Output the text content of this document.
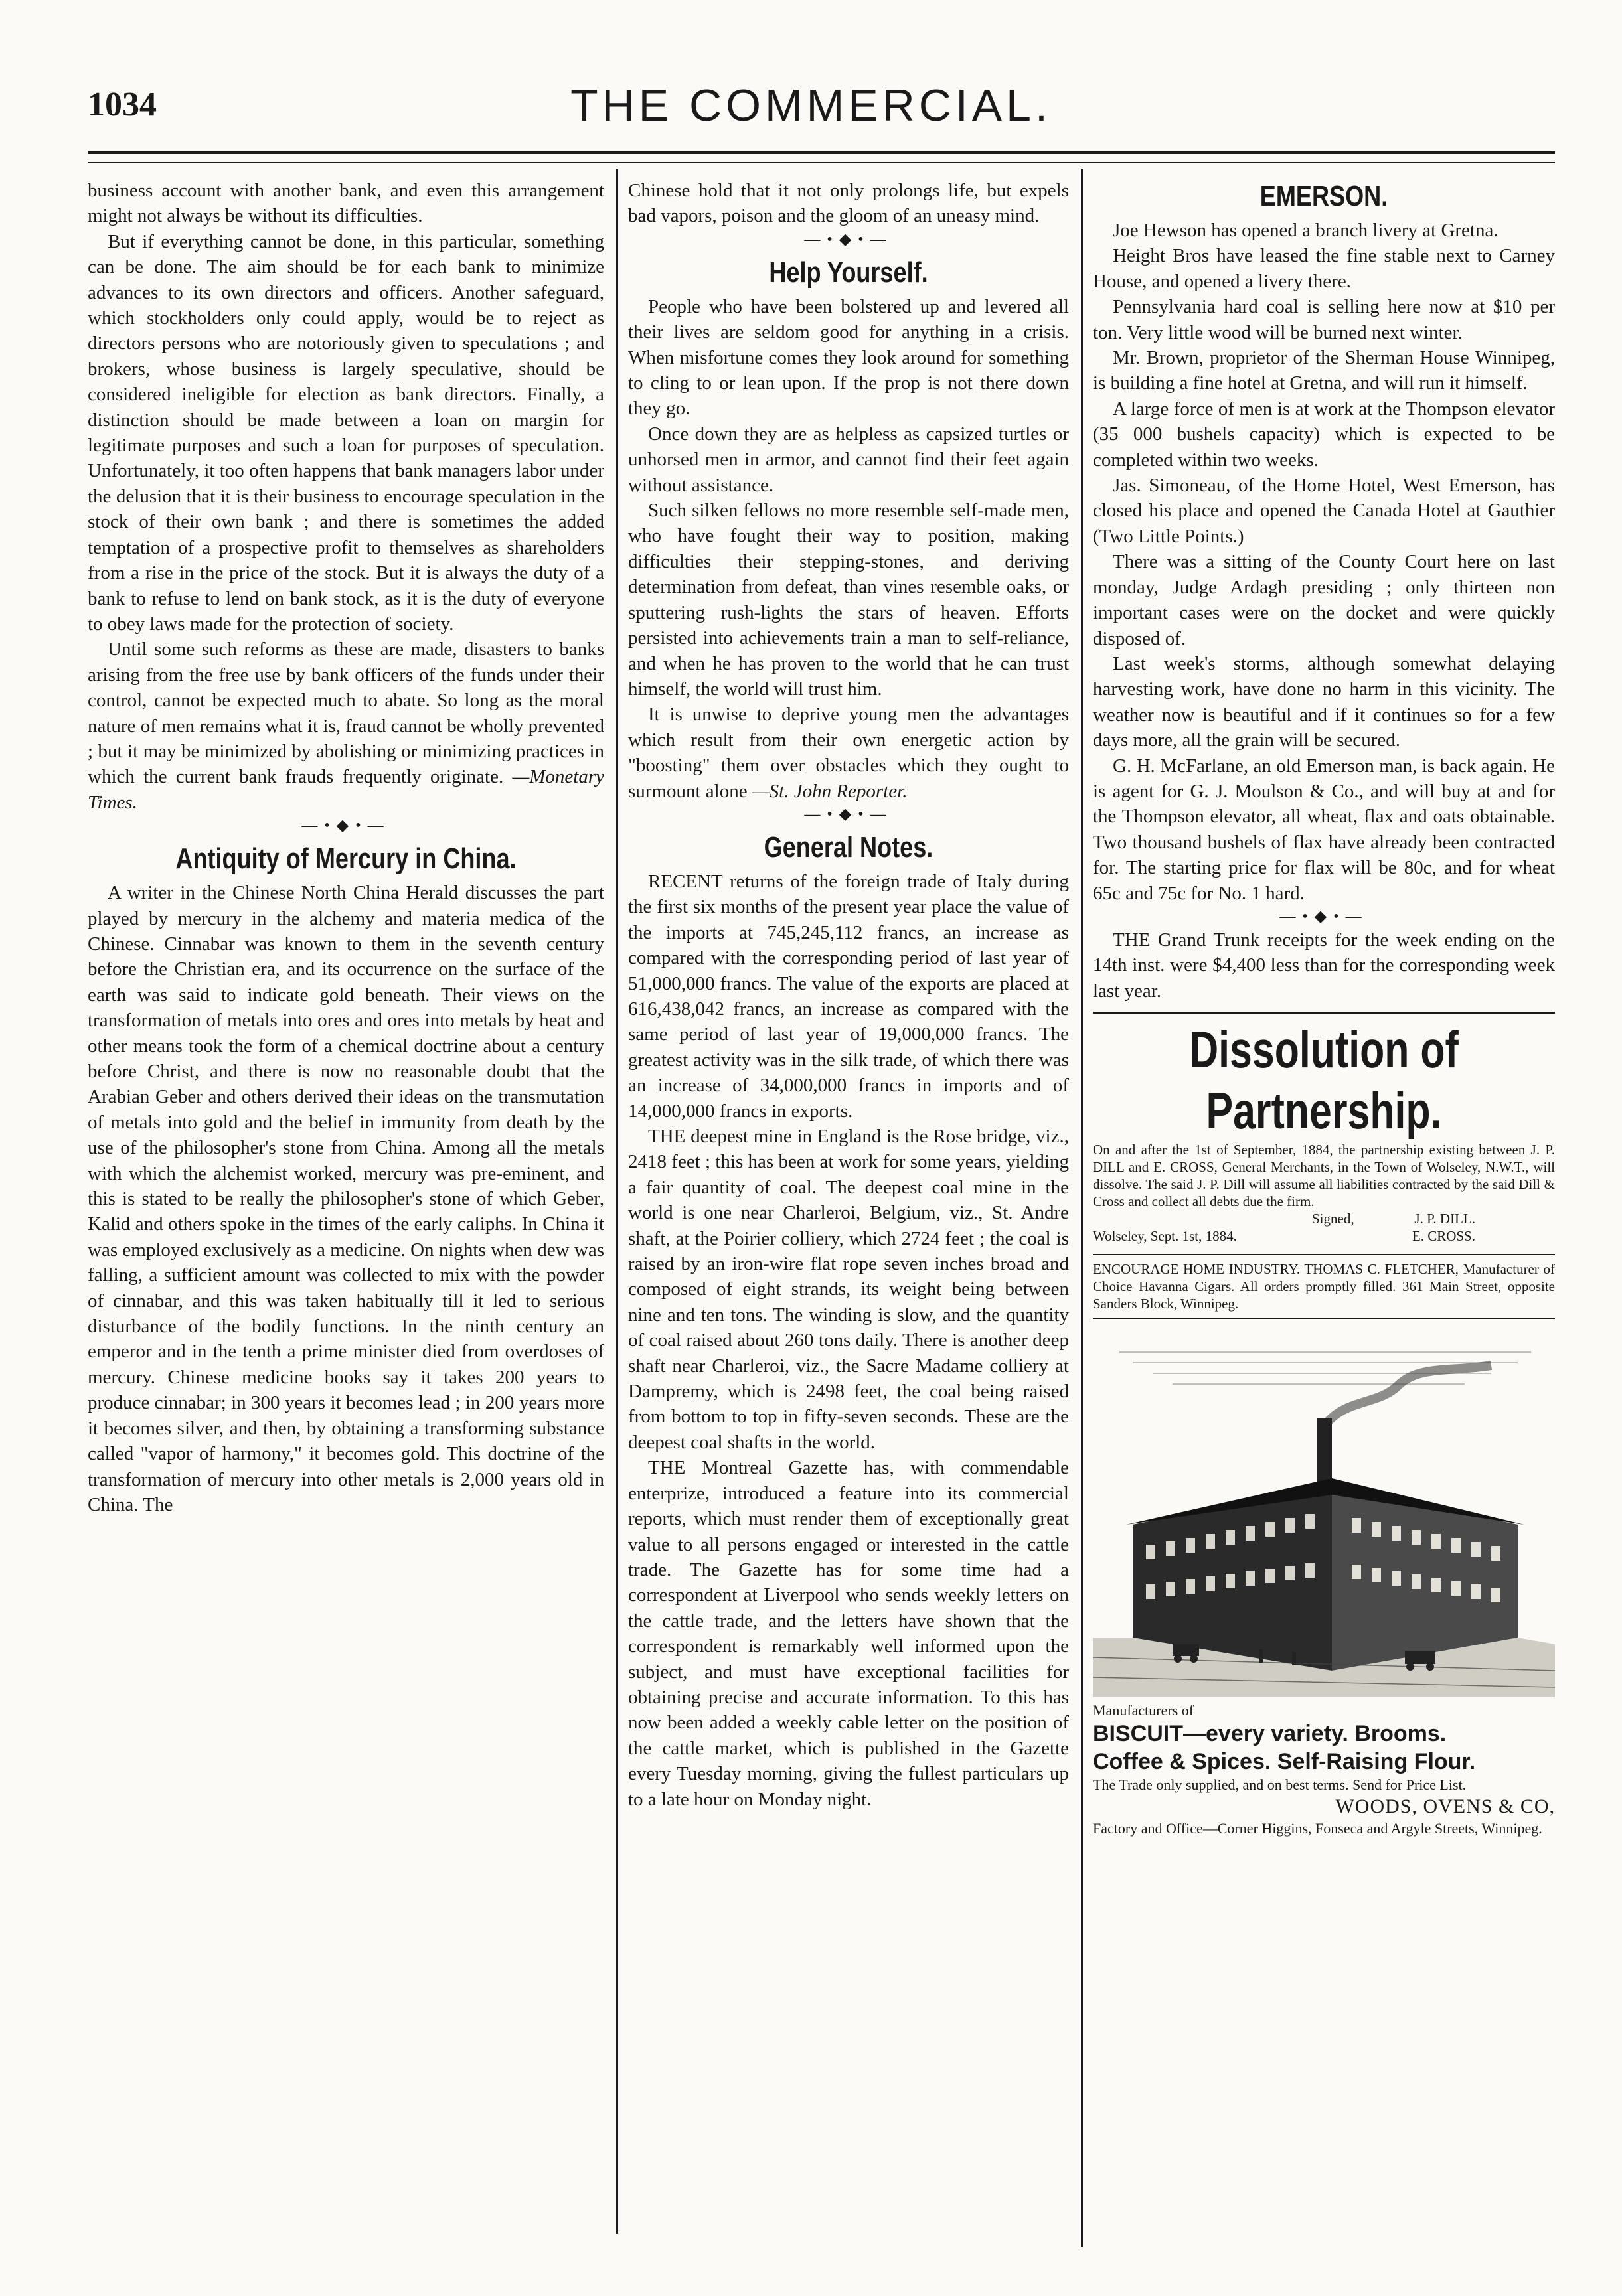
1034	THE COMMERCIAL.

business account with another bank, and even this arrangement might not always be without its difficulties.

But if everything cannot be done, in this particular, something can be done. The aim should be for each bank to minimize advances to its own directors and officers. Another safeguard, which stockholders only could apply, would be to reject as directors persons who are notoriously given to speculations ; and brokers, whose business is largely speculative, should be considered ineligible for election as bank directors. Finally, a distinction should be made between a loan on margin for legitimate purposes and such a loan for purposes of speculation. Unfortunately, it too often happens that bank managers labor under the delusion that it is their business to encourage speculation in the stock of their own bank ; and there is sometimes the added temptation of a prospective profit to themselves as shareholders from a rise in the price of the stock. But it is always the duty of a bank to refuse to lend on bank stock, as it is the duty of everyone to obey laws made for the protection of society.

Until some such reforms as these are made, disasters to banks arising from the free use by bank officers of the funds under their control, cannot be expected much to abate. So long as the moral nature of men remains what it is, fraud cannot be wholly prevented ; but it may be minimized by abolishing or minimizing practices in which the current bank frauds frequently originate. —Monetary Times.

—•◆•—
Antiquity of Mercury in China.

A writer in the Chinese North China Herald discusses the part played by mercury in the alchemy and materia medica of the Chinese. Cinnabar was known to them in the seventh century before the Christian era, and its occurrence on the surface of the earth was said to indicate gold beneath. Their views on the transformation of metals into ores and ores into metals by heat and other means took the form of a chemical doctrine about a century before Christ, and there is now no reasonable doubt that the Arabian Geber and others derived their ideas on the transmutation of metals into gold and the belief in immunity from death by the use of the philosopher's stone from China. Among all the metals with which the alchemist worked, mercury was pre-eminent, and this is stated to be really the philosopher's stone of which Geber, Kalid and others spoke in the times of the early caliphs. In China it was employed exclusively as a medicine. On nights when dew was falling, a sufficient amount was collected to mix with the powder of cinnabar, and this was taken habitually till it led to serious disturbance of the bodily functions. In the ninth century an emperor and in the tenth a prime minister died from overdoses of mercury. Chinese medicine books say it takes 200 years to produce cinnabar; in 300 years it becomes lead ; in 200 years more it becomes silver, and then, by obtaining a transforming substance called "vapor of harmony," it becomes gold. This doctrine of the transformation of mercury into other metals is 2,000 years old in China. The

Chinese hold that it not only prolongs life, but expels bad vapors, poison and the gloom of an uneasy mind.

—•◆•—
Help Yourself.

People who have been bolstered up and levered all their lives are seldom good for anything in a crisis. When misfortune comes they look around for something to cling to or lean upon. If the prop is not there down they go.

Once down they are as helpless as capsized turtles or unhorsed men in armor, and cannot find their feet again without assistance.

Such silken fellows no more resemble self-made men, who have fought their way to position, making difficulties their stepping-stones, and deriving determination from defeat, than vines resemble oaks, or sputtering rush-lights the stars of heaven. Efforts persisted into achievements train a man to self-reliance, and when he has proven to the world that he can trust himself, the world will trust him.

It is unwise to deprive young men the advantages which result from their own energetic action by "boosting" them over obstacles which they ought to surmount alone —St. John Reporter.

—•◆•—
General Notes.

RECENT returns of the foreign trade of Italy during the first six months of the present year place the value of the imports at 745,245,112 francs, an increase as compared with the corresponding period of last year of 51,000,000 francs. The value of the exports are placed at 616,438,042 francs, an increase as compared with the same period of last year of 19,000,000 francs. The greatest activity was in the silk trade, of which there was an increase of 34,000,000 francs in imports and of 14,000,000 francs in exports.

THE deepest mine in England is the Rose bridge, viz., 2418 feet ; this has been at work for some years, yielding a fair quantity of coal. The deepest coal mine in the world is one near Charleroi, Belgium, viz., St. Andre shaft, at the Poirier colliery, which 2724 feet ; the coal is raised by an iron-wire flat rope seven inches broad and composed of eight strands, its weight being between nine and ten tons. The winding is slow, and the quantity of coal raised about 260 tons daily. There is another deep shaft near Charleroi, viz., the Sacre Madame colliery at Dampremy, which is 2498 feet, the coal being raised from bottom to top in fifty-seven seconds. These are the deepest coal shafts in the world.

THE Montreal Gazette has, with commendable enterprize, introduced a feature into its commercial reports, which must render them of exceptionally great value to all persons engaged or interested in the cattle trade. The Gazette has for some time had a correspondent at Liverpool who sends weekly letters on the cattle trade, and the letters have shown that the correspondent is remarkably well informed upon the subject, and must have exceptional facilities for obtaining precise and accurate information. To this has now been added a weekly cable letter on the position of the cattle market, which is published in the Gazette every Tuesday morning, giving the fullest particulars up to a late hour on Monday night.

EMERSON.

Joe Hewson has opened a branch livery at Gretna.

Height Bros have leased the fine stable next to Carney House, and opened a livery there.

Pennsylvania hard coal is selling here now at $10 per ton. Very little wood will be burned next winter.

Mr. Brown, proprietor of the Sherman House Winnipeg, is building a fine hotel at Gretna, and will run it himself.

A large force of men is at work at the Thompson elevator (35 000 bushels capacity) which is expected to be completed within two weeks.

Jas. Simoneau, of the Home Hotel, West Emerson, has closed his place and opened the Canada Hotel at Gauthier (Two Little Points.)

There was a sitting of the County Court here on last monday, Judge Ardagh presiding ; only thirteen non important cases were on the docket and were quickly disposed of.

Last week's storms, although somewhat delaying harvesting work, have done no harm in this vicinity. The weather now is beautiful and if it continues so for a few days more, all the grain will be secured.

G. H. McFarlane, an old Emerson man, is back again. He is agent for G. J. Moulson & Co., and will buy at and for the Thompson elevator, all wheat, flax and oats obtainable. Two thousand bushels of flax have already been contracted for. The starting price for flax will be 80c, and for wheat 65c and 75c for No. 1 hard.

—•◆•—

THE Grand Trunk receipts for the week ending on the 14th inst. were $4,400 less than for the corresponding week last year.

Dissolution of Partnership.

On and after the 1st of September, 1884, the partnership existing between J. P. DILL and E. CROSS, General Merchants, in the Town of Wolseley, N.W.T., will dissolve. The said J. P. Dill will assume all liabilities contracted by the said Dill & Cross and collect all debts due the firm.

Signed,	J. P. DILL.
Wolseley, Sept. 1st, 1884.	E. CROSS.

ENCOURAGE HOME INDUSTRY. THOMAS C. FLETCHER, Manufacturer of Choice Havanna Cigars. All orders promptly filled. 361 Main Street, opposite Sanders Block, Winnipeg.

Manufacturers of
BISCUIT—every variety. Brooms.
Coffee & Spices. Self-Raising Flour.
The Trade only supplied, and on best terms. Send for Price List.
WOODS, OVENS & CO,
Factory and Office—Corner Higgins, Fonseca and Argyle Streets, Winnipeg.
